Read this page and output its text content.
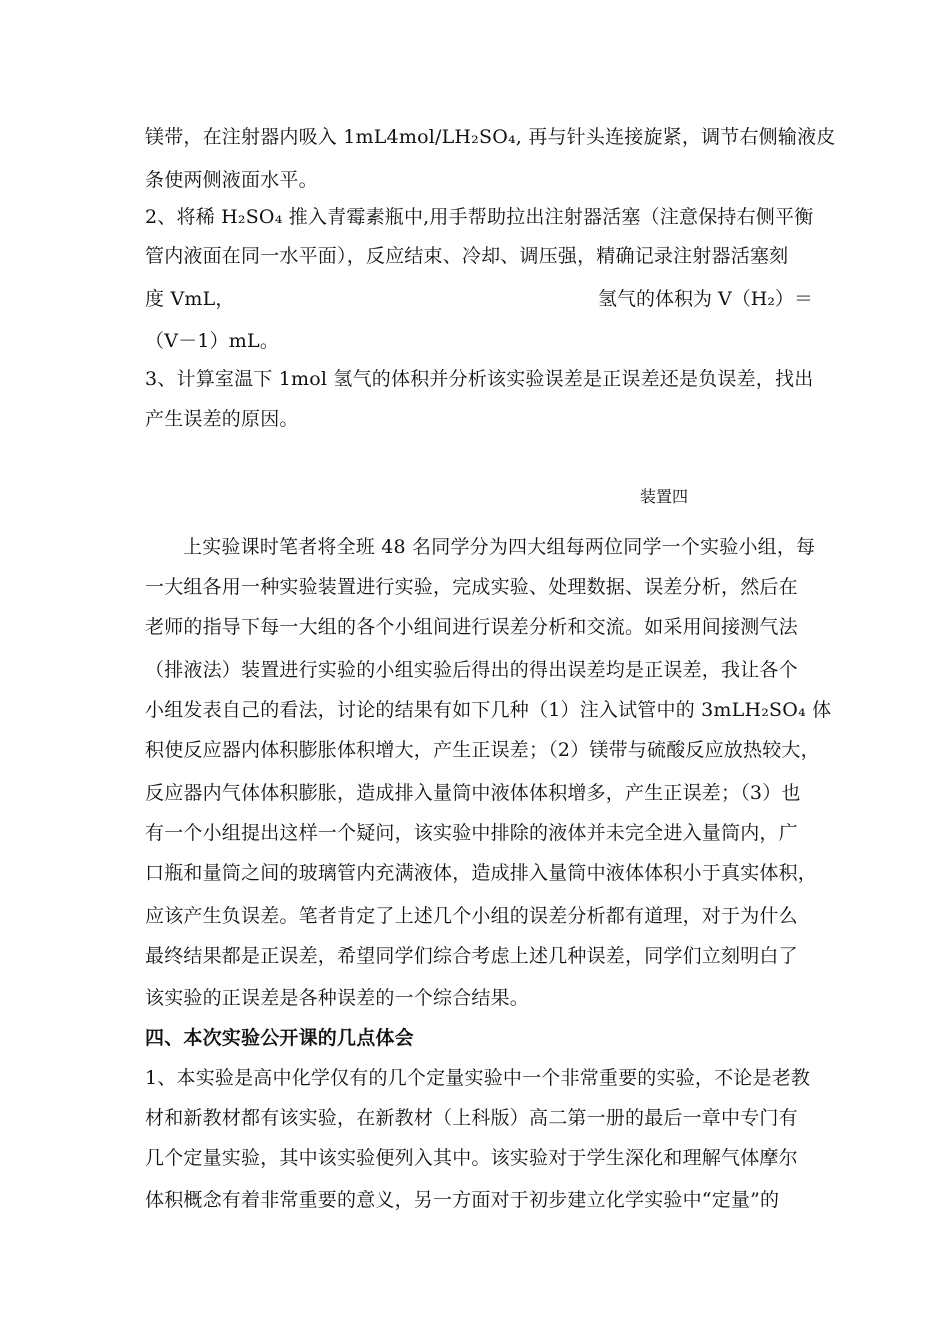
镁带，在注射器内吸入 1mL4mol/LH₂SO₄, 再与针头连接旋紧，调节右侧输液皮
条使两侧液面水平。
2、将稀 H₂SO₄ 推入青霉素瓶中,用手帮助拉出注射器活塞（注意保持右侧平衡
管内液面在同一水平面），反应结束、冷却、调压强，精确记录注射器活塞刻
度 VmL，	氢气的体积为 V（H₂）＝
（V－1）mL。
3、计算室温下 1mol 氢气的体积并分析该实验误差是正误差还是负误差，找出
产生误差的原因。
装置四
上实验课时笔者将全班 48 名同学分为四大组每两位同学一个实验小组，每
一大组各用一种实验装置进行实验，完成实验、处理数据、误差分析，然后在
老师的指导下每一大组的各个小组间进行误差分析和交流。如采用间接测气法
（排液法）装置进行实验的小组实验后得出的得出误差均是正误差，我让各个
小组发表自己的看法，讨论的结果有如下几种（1）注入试管中的 3mLH₂SO₄ 体
积使反应器内体积膨胀体积增大，产生正误差；（2）镁带与硫酸反应放热较大，
反应器内气体体积膨胀，造成排入量筒中液体体积增多，产生正误差；（3）也
有一个小组提出这样一个疑问，该实验中排除的液体并未完全进入量筒内，广
口瓶和量筒之间的玻璃管内充满液体，造成排入量筒中液体体积小于真实体积，
应该产生负误差。笔者肯定了上述几个小组的误差分析都有道理，对于为什么
最终结果都是正误差，希望同学们综合考虑上述几种误差，同学们立刻明白了
该实验的正误差是各种误差的一个综合结果。
四、本次实验公开课的几点体会
1、本实验是高中化学仅有的几个定量实验中一个非常重要的实验，不论是老教
材和新教材都有该实验，在新教材（上科版）高二第一册的最后一章中专门有
几个定量实验，其中该实验便列入其中。该实验对于学生深化和理解气体摩尔
体积概念有着非常重要的意义，另一方面对于初步建立化学实验中“定量”的
